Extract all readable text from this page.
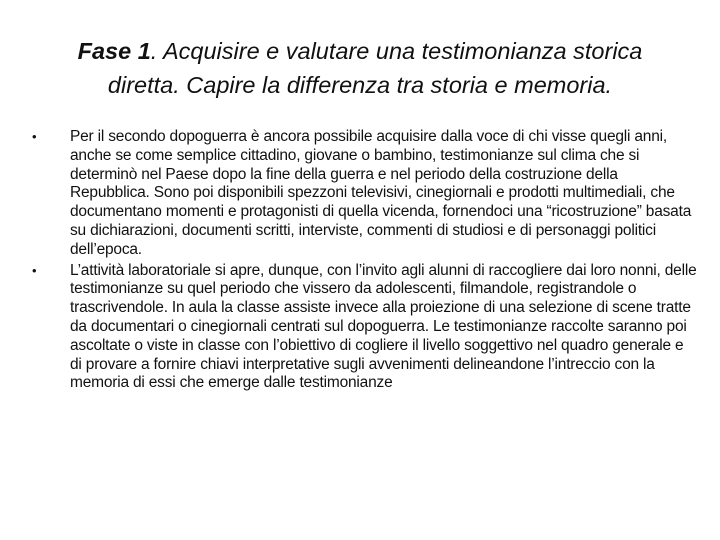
Fase 1. Acquisire e valutare una testimonianza storica diretta. Capire la differenza tra storia e memoria.
•	Per il secondo dopoguerra è ancora possibile acquisire dalla voce di chi visse quegli anni, anche se come semplice cittadino, giovane o bambino, testimonianze sul clima che si determinò nel Paese dopo la fine della guerra e nel periodo della costruzione della Repubblica. Sono poi disponibili spezzoni televisivi, cinegiornali e prodotti multimediali, che documentano momenti e protagonisti di quella vicenda, fornendoci una “ricostruzione” basata su dichiarazioni, documenti scritti, interviste, commenti di studiosi e di personaggi politici dell’epoca.
•	L’attività laboratoriale si apre, dunque, con l’invito agli alunni di raccogliere dai loro nonni, delle testimonianze su quel periodo che vissero da adolescenti, filmandole, registrandole o trascrivendole. In aula la classe assiste invece alla proiezione di una selezione di scene tratte da documentari o cinegiornali centrati sul dopoguerra. Le testimonianze raccolte saranno poi ascoltate o viste in classe con l’obiettivo di cogliere il livello soggettivo nel quadro generale e di provare a fornire chiavi interpretative sugli avvenimenti delineandone l’intreccio con la memoria di essi che emerge dalle testimonianze
